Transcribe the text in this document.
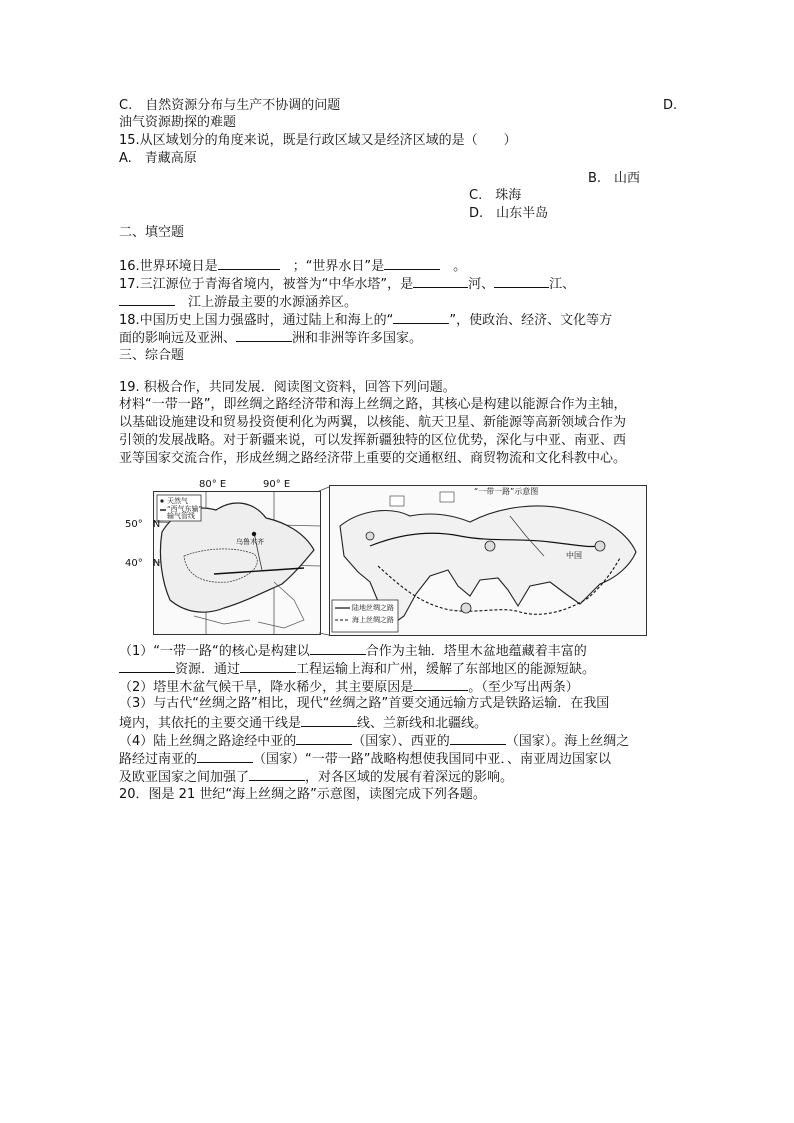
C.　自然资源分布与生产不协调的问题	D.
油气资源勘探的难题
15.从区域划分的角度来说，既是行政区域又是经济区域的是（　　）
A.　青藏高原
B.　山西
C.　珠海
D.　山东半岛
二、填空题
16.世界环境日是	　；“世界水日”是	　。
17.三江源位于青海省境内，被誉为“中华水塔”，是	河、	江、
　江上游最主要的水源涵养区。
18.中国历史上国力强盛时，通过陆上和海上的“	”，使政治、经济、文化等方
面的影响远及亚洲、	洲和非洲等许多国家。
三、综合题
19. 积极合作，共同发展．阅读图文资料，回答下列问题。
材料“一带一路”，即丝绸之路经济带和海上丝绸之路，其核心是构建以能源合作为主轴，
以基础设施建设和贸易投资便利化为两翼，以核能、航天卫星、新能源等高新领域合作为
引领的发展战略。对于新疆来说，可以发挥新疆独特的区位优势，深化与中亚、南亚、西
亚等国家交流合作，形成丝绸之路经济带上重要的交通枢纽、商贸物流和文化科教中心。
天然气
“西气东输”
输气管线
乌鲁木齐
80° E	90° E
50°　N
40°　N
“一带一路”示意图
中国
陆地丝绸之路
海上丝绸之路
（1）“一带一路“的核心是构建以	合作为主轴．塔里木盆地蕴藏着丰富的
资源．通过	工程运输上海和广州，缓解了东部地区的能源短缺。
（2）塔里木盆气候干旱，降水稀少，其主要原因是	。（至少写出两条）
（3）与古代“丝绸之路”相比，现代“丝绸之路”首要交通远输方式是铁路运输．在我国
境内，其依托的主要交通干线是	线、兰新线和北疆线。
（4）陆上丝绸之路途经中亚的	（国家）、西亚的	（国家）。海上丝绸之
路经过南亚的	（国家）“一带一路”战略构想使我国同中亚．、南亚周边国家以
及欧亚国家之间加强了	，对各区域的发展有着深远的影响。
20．图是 21 世纪“海上丝绸之路”示意图，读图完成下列各题。
